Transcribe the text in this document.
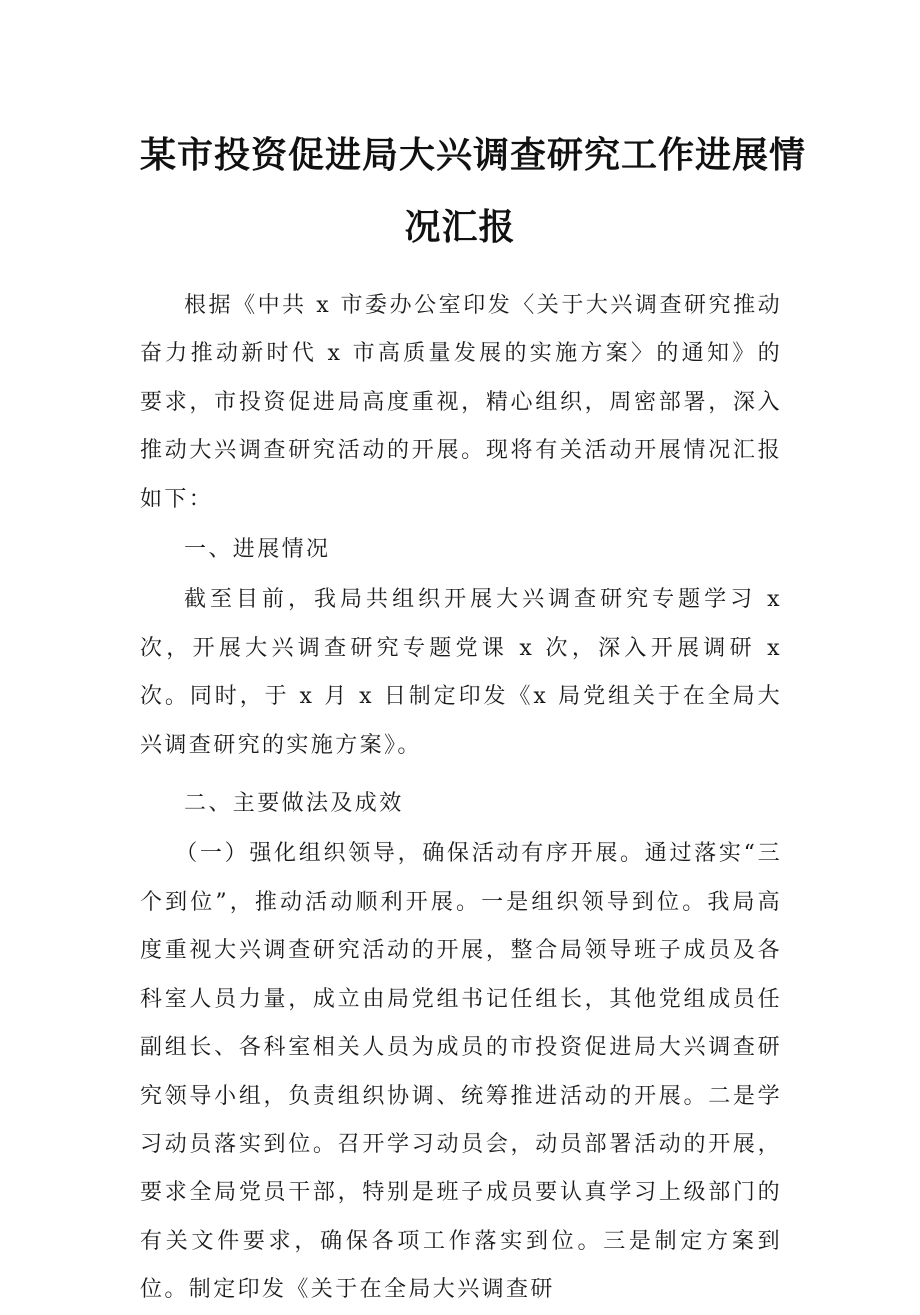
某市投资促进局大兴调查研究工作进展情
况汇报

根据《中共 x 市委办公室印发〈关于大兴调查研究推动奋力推动新时代 x 市高质量发展的实施方案〉的通知》的要求，市投资促进局高度重视，精心组织，周密部署，深入推动大兴调查研究活动的开展。现将有关活动开展情况汇报如下：

一、进展情况

截至目前，我局共组织开展大兴调查研究专题学习 x 次，开展大兴调查研究专题党课 x 次，深入开展调研 x 次。同时，于 x 月 x 日制定印发《x 局党组关于在全局大兴调查研究的实施方案》。

二、主要做法及成效

（一）强化组织领导，确保活动有序开展。通过落实“三个到位”，推动活动顺利开展。一是组织领导到位。我局高度重视大兴调查研究活动的开展，整合局领导班子成员及各科室人员力量，成立由局党组书记任组长，其他党组成员任副组长、各科室相关人员为成员的市投资促进局大兴调查研究领导小组，负责组织协调、统筹推进活动的开展。二是学习动员落实到位。召开学习动员会，动员部署活动的开展，要求全局党员干部，特别是班子成员要认真学习上级部门的有关文件要求，确保各项工作落实到位。三是制定方案到位。制定印发《关于在全局大兴调查研
